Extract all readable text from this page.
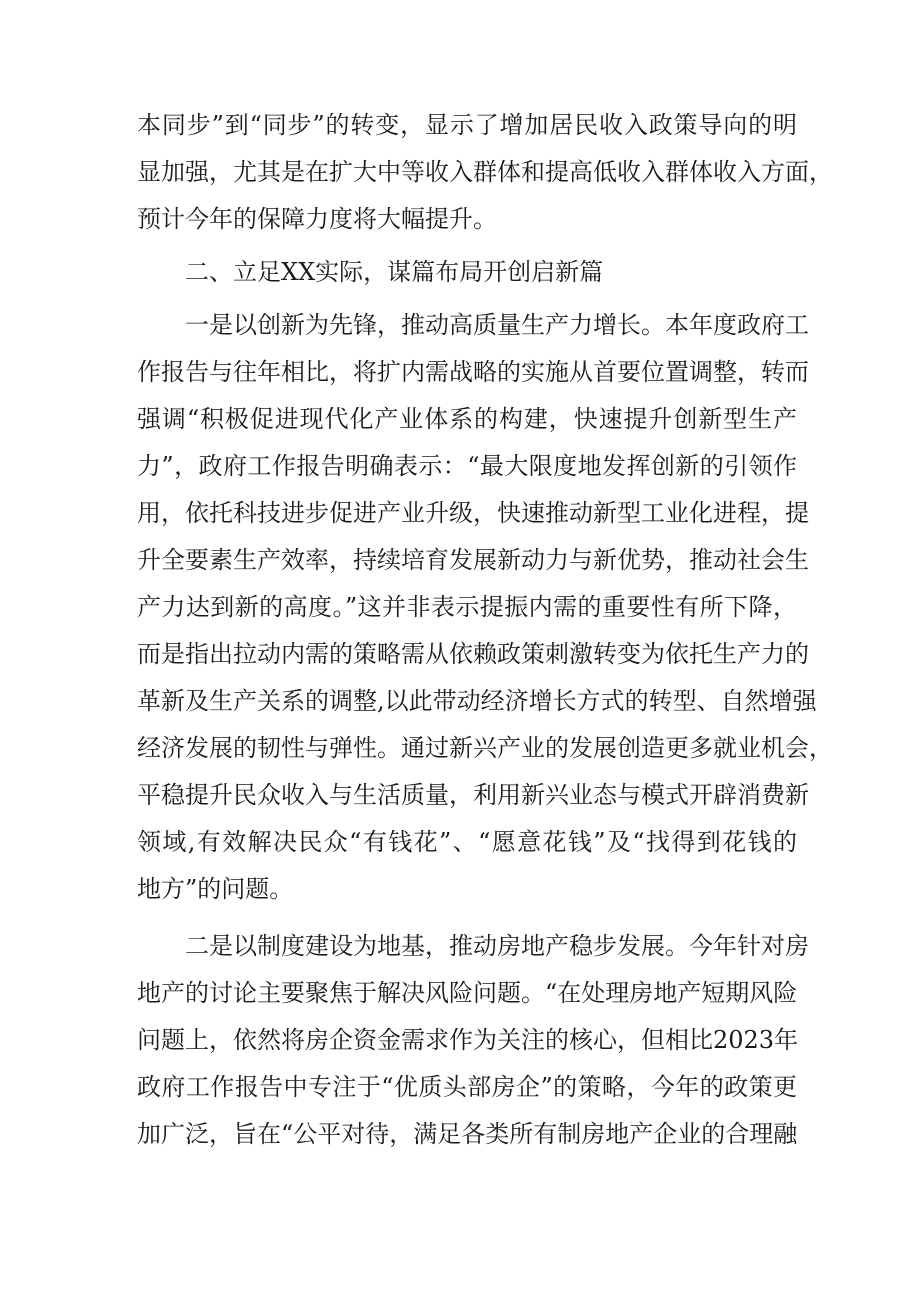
本同步”到“同步”的转变，显示了增加居民收入政策导向的明
显加强，尤其是在扩大中等收入群体和提高低收入群体收入方面，
预计今年的保障力度将大幅提升。
二、立足XX实际，谋篇布局开创启新篇
一是以创新为先锋，推动高质量生产力增长。本年度政府工
作报告与往年相比，将扩内需战略的实施从首要位置调整，转而
强调“积极促进现代化产业体系的构建，快速提升创新型生产
力”，政府工作报告明确表示：“最大限度地发挥创新的引领作
用，依托科技进步促进产业升级，快速推动新型工业化进程，提
升全要素生产效率，持续培育发展新动力与新优势，推动社会生
产力达到新的高度。”这并非表示提振内需的重要性有所下降，
而是指出拉动内需的策略需从依赖政策刺激转变为依托生产力的
革新及生产关系的调整,以此带动经济增长方式的转型、自然增强
经济发展的韧性与弹性。通过新兴产业的发展创造更多就业机会，
平稳提升民众收入与生活质量，利用新兴业态与模式开辟消费新
领域,有效解决民众“有钱花”、“愿意花钱”及“找得到花钱的
地方”的问题。
二是以制度建设为地基，推动房地产稳步发展。今年针对房
地产的讨论主要聚焦于解决风险问题。“在处理房地产短期风险
问题上，依然将房企资金需求作为关注的核心，但相比2023年
政府工作报告中专注于“优质头部房企”的策略，今年的政策更
加广泛，旨在“公平对待，满足各类所有制房地产企业的合理融
